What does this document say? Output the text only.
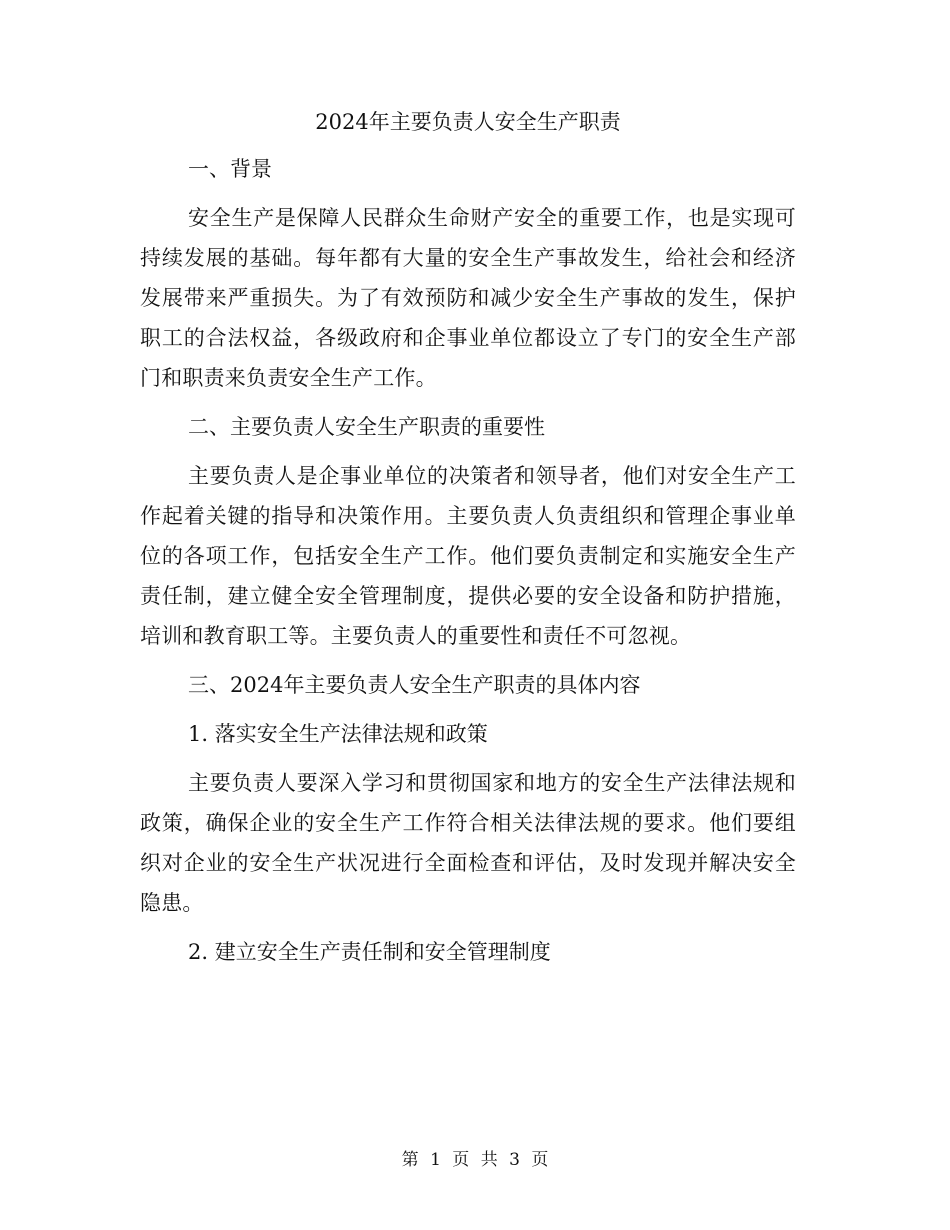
2024年主要负责人安全生产职责
一、背景

安全生产是保障人民群众生命财产安全的重要工作，也是实现可持续发展的基础。每年都有大量的安全生产事故发生，给社会和经济发展带来严重损失。为了有效预防和减少安全生产事故的发生，保护职工的合法权益，各级政府和企事业单位都设立了专门的安全生产部门和职责来负责安全生产工作。

二、主要负责人安全生产职责的重要性

主要负责人是企事业单位的决策者和领导者，他们对安全生产工作起着关键的指导和决策作用。主要负责人负责组织和管理企事业单位的各项工作，包括安全生产工作。他们要负责制定和实施安全生产责任制，建立健全安全管理制度，提供必要的安全设备和防护措施，培训和教育职工等。主要负责人的重要性和责任不可忽视。

三、2024年主要负责人安全生产职责的具体内容
1. 落实安全生产法律法规和政策

主要负责人要深入学习和贯彻国家和地方的安全生产法律法规和政策，确保企业的安全生产工作符合相关法律法规的要求。他们要组织对企业的安全生产状况进行全面检查和评估，及时发现并解决安全隐患。

2. 建立安全生产责任制和安全管理制度
第 1 页 共 3 页
